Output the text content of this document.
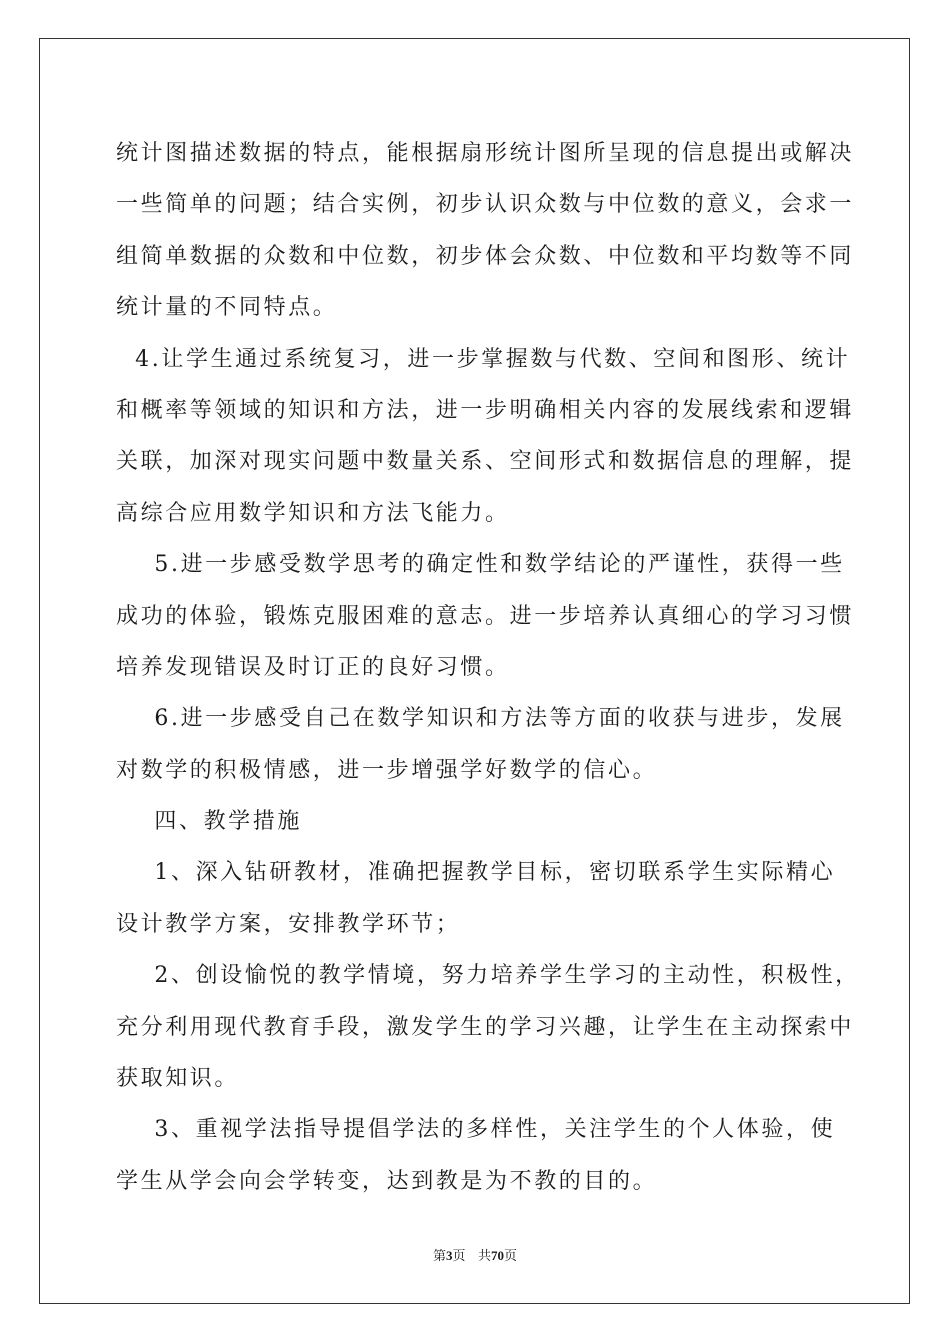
统计图描述数据的特点，能根据扇形统计图所呈现的信息提出或解决
一些简单的问题；结合实例，初步认识众数与中位数的意义，会求一
组简单数据的众数和中位数，初步体会众数、中位数和平均数等不同
统计量的不同特点。
4.让学生通过系统复习，进一步掌握数与代数、空间和图形、统计
和概率等领域的知识和方法，进一步明确相关内容的发展线索和逻辑
关联，加深对现实问题中数量关系、空间形式和数据信息的理解，提
高综合应用数学知识和方法飞能力。
5.进一步感受数学思考的确定性和数学结论的严谨性，获得一些
成功的体验，锻炼克服困难的意志。进一步培养认真细心的学习习惯
培养发现错误及时订正的良好习惯。
6.进一步感受自己在数学知识和方法等方面的收获与进步，发展
对数学的积极情感，进一步增强学好数学的信心。
四、教学措施
1、深入钻研教材，准确把握教学目标，密切联系学生实际精心
设计教学方案，安排教学环节；
2、创设愉悦的教学情境，努力培养学生学习的主动性，积极性，
充分利用现代教育手段，激发学生的学习兴趣，让学生在主动探索中
获取知识。
3、重视学法指导提倡学法的多样性，关注学生的个人体验，使
学生从学会向会学转变，达到教是为不教的目的。
第3页 共70页
